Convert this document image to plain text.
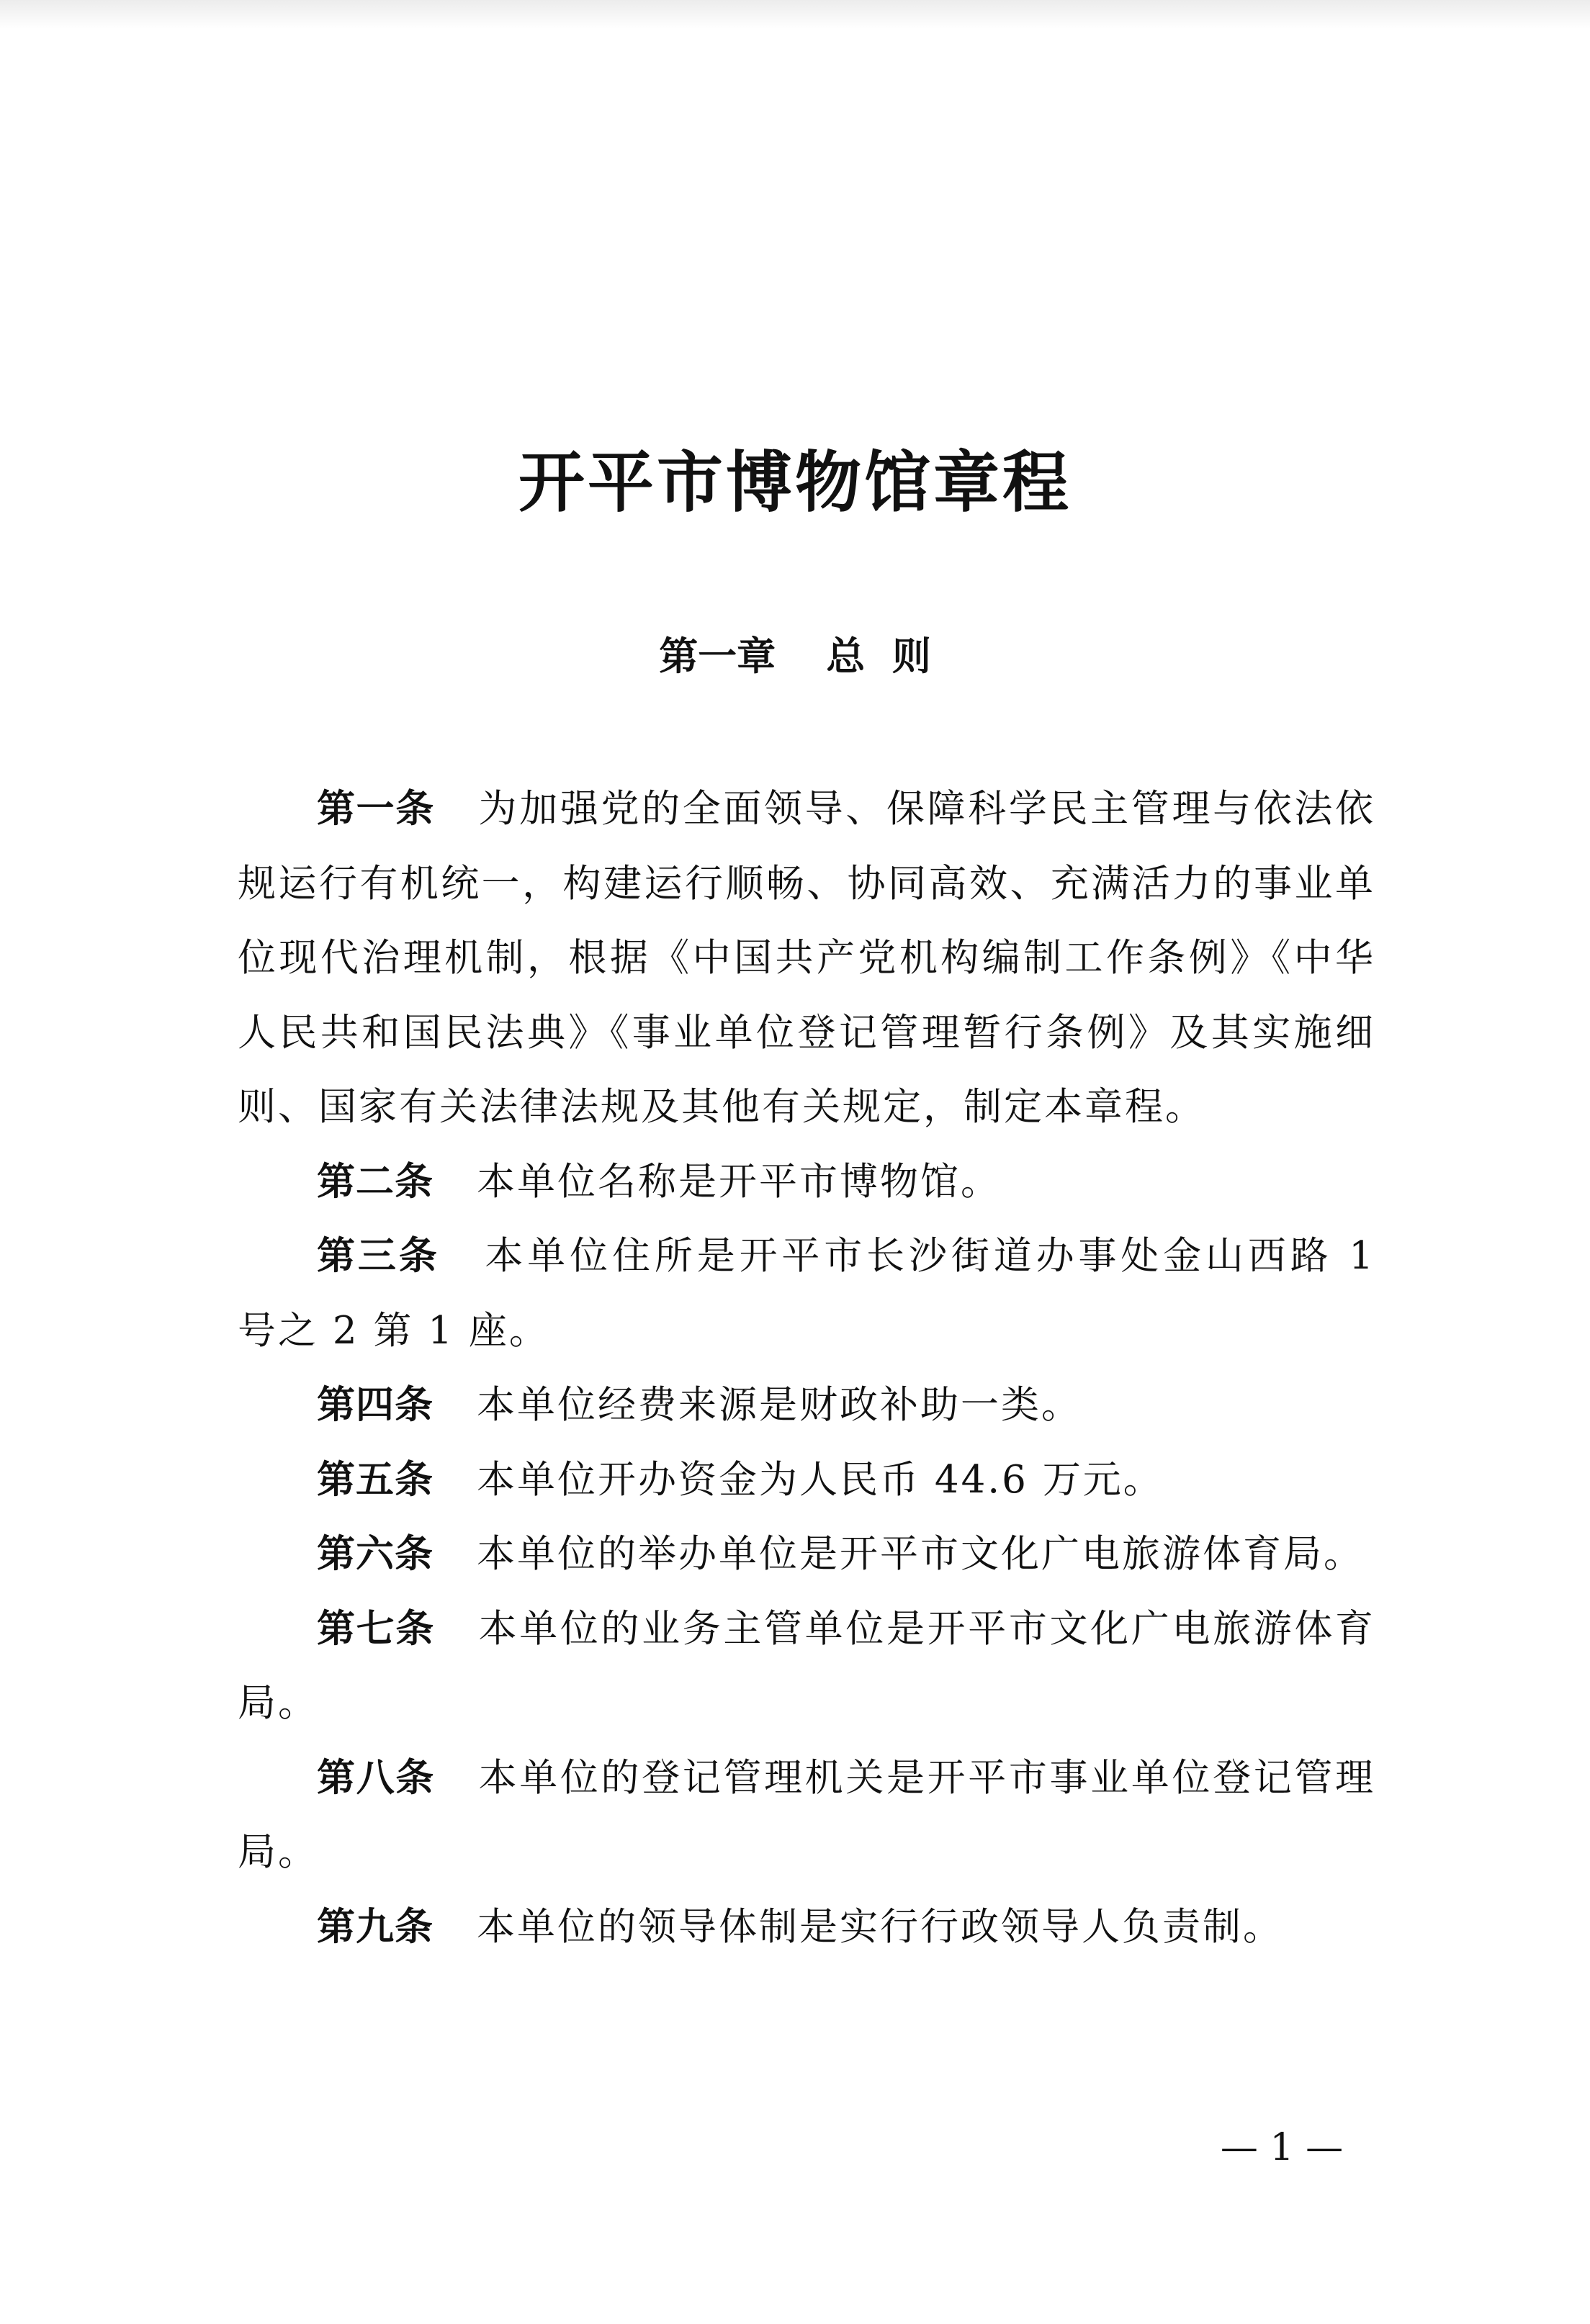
开平市博物馆章程
第一章 总  则

第一条 为加强党的全面领导、保障科学民主管理与依法依规运行有机统一，构建运行顺畅、协同高效、充满活力的事业单位现代治理机制，根据《中国共产党机构编制工作条例》《中华人民共和国民法典》《事业单位登记管理暂行条例》及其实施细则、国家有关法律法规及其他有关规定，制定本章程。

第二条 本单位名称是开平市博物馆。

第三条 本单位住所是开平市长沙街道办事处金山西路 1 号之 2 第 1 座。

第四条 本单位经费来源是财政补助一类。

第五条 本单位开办资金为人民币 44.6 万元。

第六条 本单位的举办单位是开平市文化广电旅游体育局。

第七条 本单位的业务主管单位是开平市文化广电旅游体育局。

第八条 本单位的登记管理机关是开平市事业单位登记管理局。

第九条 本单位的领导体制是实行行政领导人负责制。

— 1 —
